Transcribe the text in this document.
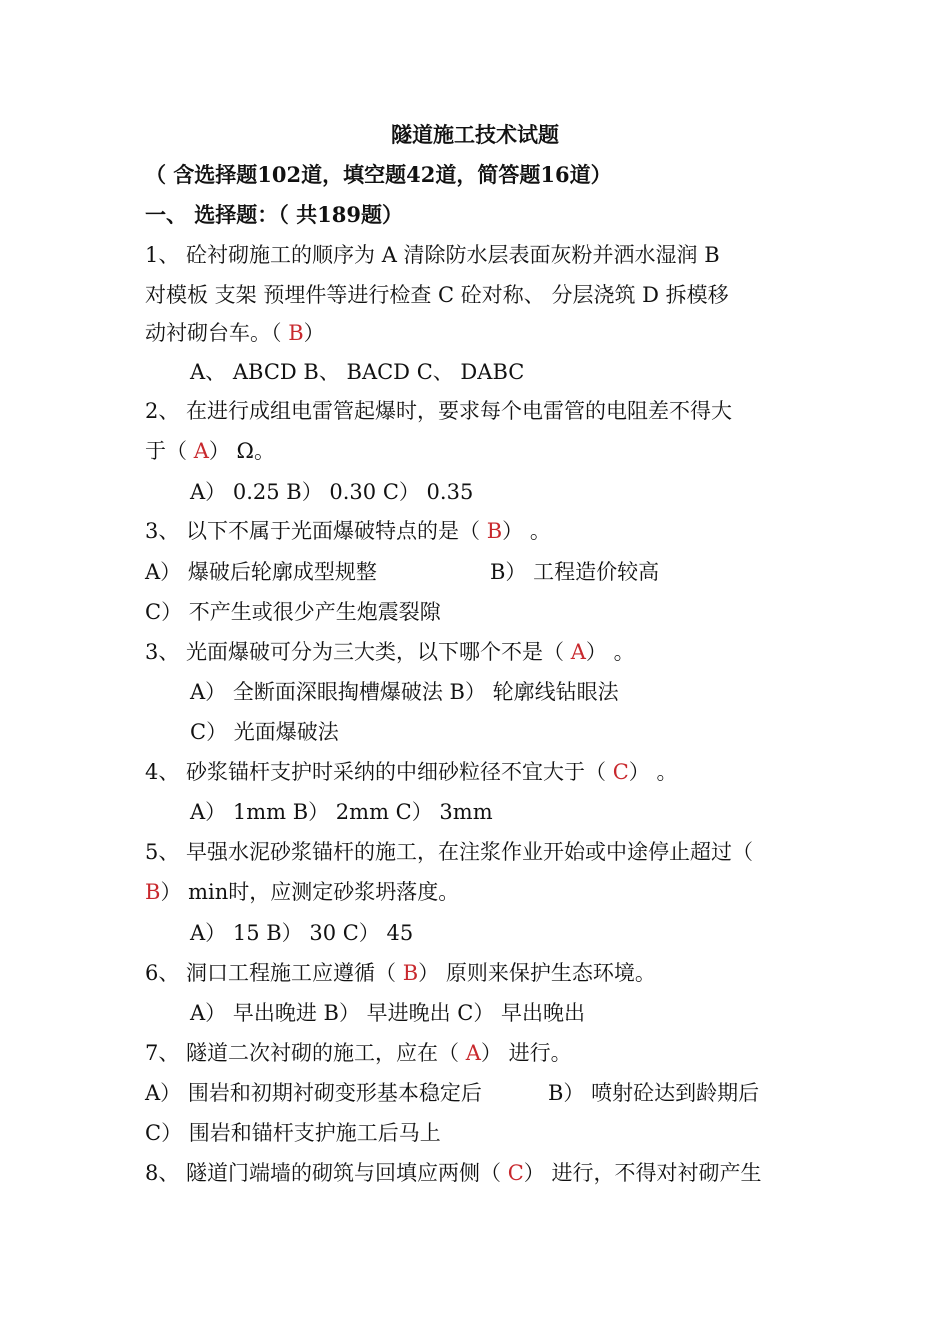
隧道施工技术试题
（ 含选择题102道，填空题42道，简答题16道）
一、 选择题：（ 共189题）
1、 砼衬砌施工的顺序为 A 清除防水层表面灰粉并洒水湿润 B
对模板 支架 预埋件等进行检查 C 砼对称、 分层浇筑 D 拆模移
动衬砌台车。（ B）
A、 ABCD B、 BACD C、 DABC
2、 在进行成组电雷管起爆时，要求每个电雷管的电阻差不得大
于（ A） Ω。
A） 0.25 B） 0.30 C） 0.35
3、 以下不属于光面爆破特点的是（ B） 。
A） 爆破后轮廓成型规整	B） 工程造价较高
C） 不产生或很少产生炮震裂隙
3、 光面爆破可分为三大类，以下哪个不是（ A） 。
A） 全断面深眼掏槽爆破法 B） 轮廓线钻眼法
C） 光面爆破法
4、 砂浆锚杆支护时采纳的中细砂粒径不宜大于（ C） 。
A） 1mm B） 2mm C） 3mm
5、 早强水泥砂浆锚杆的施工，在注浆作业开始或中途停止超过（
B） min时，应测定砂浆坍落度。
A） 15 B） 30 C） 45
6、 洞口工程施工应遵循（ B） 原则来保护生态环境。
A） 早出晚进 B） 早进晚出 C） 早出晚出
7、 隧道二次衬砌的施工，应在（ A） 进行。
A） 围岩和初期衬砌变形基本稳定后	B） 喷射砼达到龄期后
C） 围岩和锚杆支护施工后马上
8、 隧道门端墙的砌筑与回填应两侧（ C） 进行，不得对衬砌产生
